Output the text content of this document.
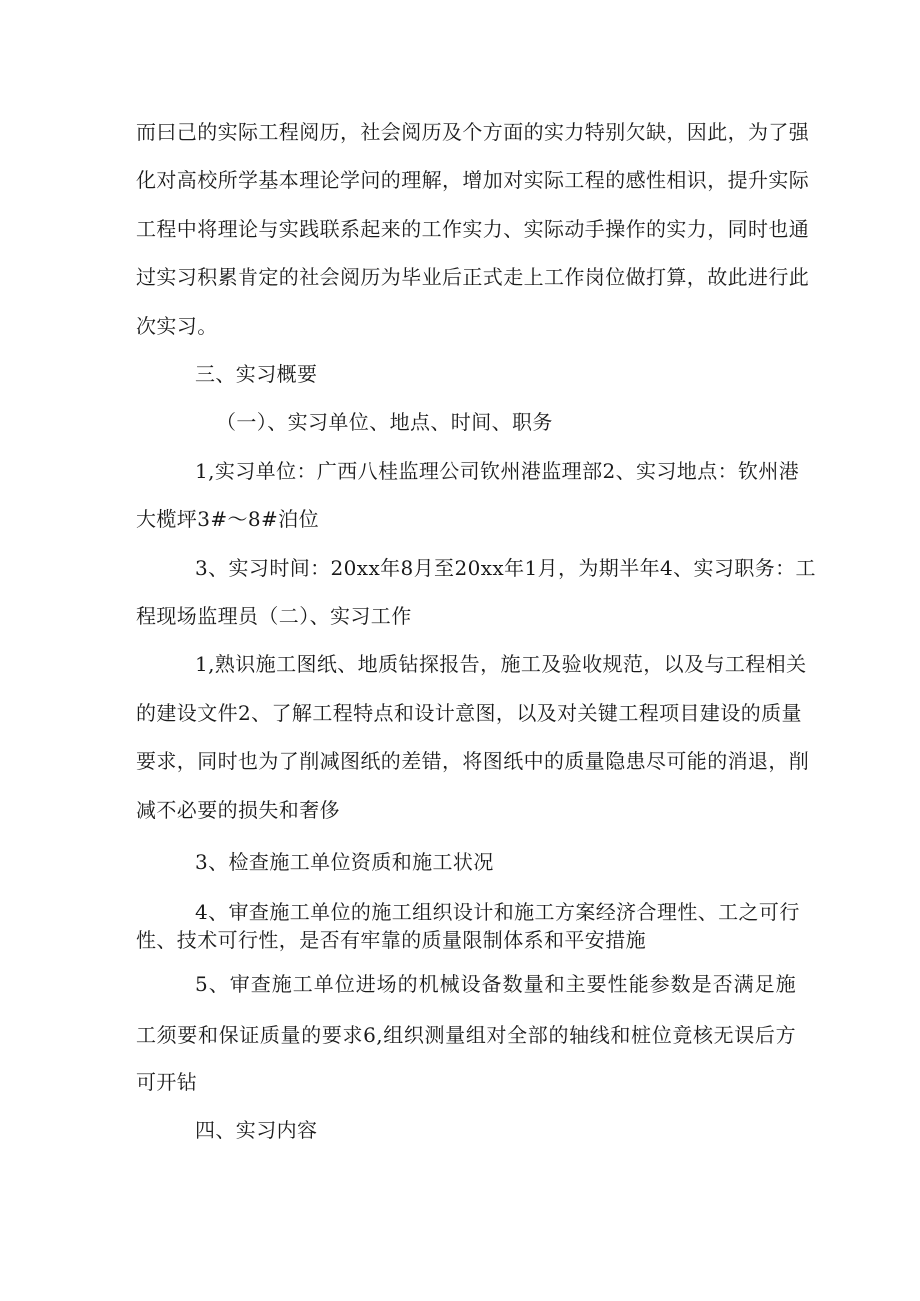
而曰己的实际工程阅历，社会阅历及个方面的实力特别欠缺，因此，为了强
化对高校所学基本理论学问的理解，增加对实际工程的感性相识，提升实际
工程中将理论与实践联系起来的工作实力、实际动手操作的实力，同时也通
过实习积累肯定的社会阅历为毕业后正式走上工作岗位做打算，故此进行此
次实习。
三、实习概要
（一）、实习单位、地点、时间、职务
1,实习单位：广西八桂监理公司钦州港监理部2、实习地点：钦州港
大榄坪3#～8#泊位
3、实习时间：20xx年8月至20xx年1月，为期半年4、实习职务：工
程现场监理员（二）、实习工作
1,熟识施工图纸、地质钻探报告，施工及验收规范，以及与工程相关
的建设文件2、了解工程特点和设计意图，以及对关键工程项目建设的质量
要求，同时也为了削减图纸的差错，将图纸中的质量隐患尽可能的消退，削
减不必要的损失和奢侈
3、检查施工单位资质和施工状况
4、审查施工单位的施工组织设计和施工方案经济合理性、工之可行
性、技术可行性，是否有牢靠的质量限制体系和平安措施
5、审查施工单位进场的机械设备数量和主要性能参数是否满足施
工须要和保证质量的要求6,组织测量组对全部的轴线和桩位竟核无误后方
可开钻
四、实习内容
